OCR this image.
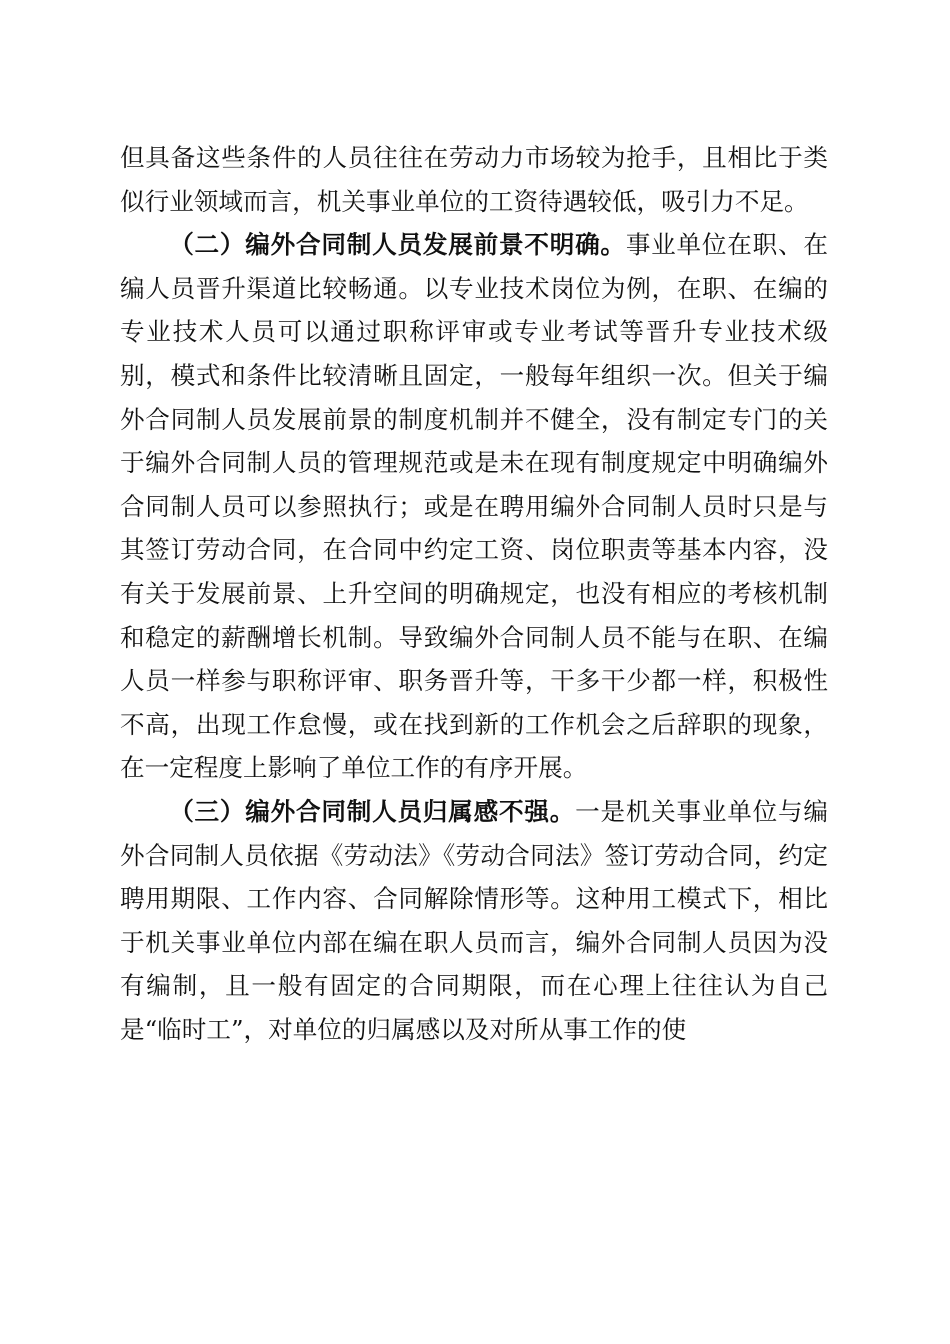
但具备这些条件的人员往往在劳动力市场较为抢手，且相比于类似行业领域而言，机关事业单位的工资待遇较低，吸引力不足。

（二）编外合同制人员发展前景不明确。事业单位在职、在编人员晋升渠道比较畅通。以专业技术岗位为例，在职、在编的专业技术人员可以通过职称评审或专业考试等晋升专业技术级别，模式和条件比较清晰且固定，一般每年组织一次。但关于编外合同制人员发展前景的制度机制并不健全，没有制定专门的关于编外合同制人员的管理规范或是未在现有制度规定中明确编外合同制人员可以参照执行；或是在聘用编外合同制人员时只是与其签订劳动合同，在合同中约定工资、岗位职责等基本内容，没有关于发展前景、上升空间的明确规定，也没有相应的考核机制和稳定的薪酬增长机制。导致编外合同制人员不能与在职、在编人员一样参与职称评审、职务晋升等，干多干少都一样，积极性不高，出现工作怠慢，或在找到新的工作机会之后辞职的现象，在一定程度上影响了单位工作的有序开展。

（三）编外合同制人员归属感不强。一是机关事业单位与编外合同制人员依据《劳动法》《劳动合同法》签订劳动合同，约定聘用期限、工作内容、合同解除情形等。这种用工模式下，相比于机关事业单位内部在编在职人员而言，编外合同制人员因为没有编制，且一般有固定的合同期限，而在心理上往往认为自己是“临时工”，对单位的归属感以及对所从事工作的使
